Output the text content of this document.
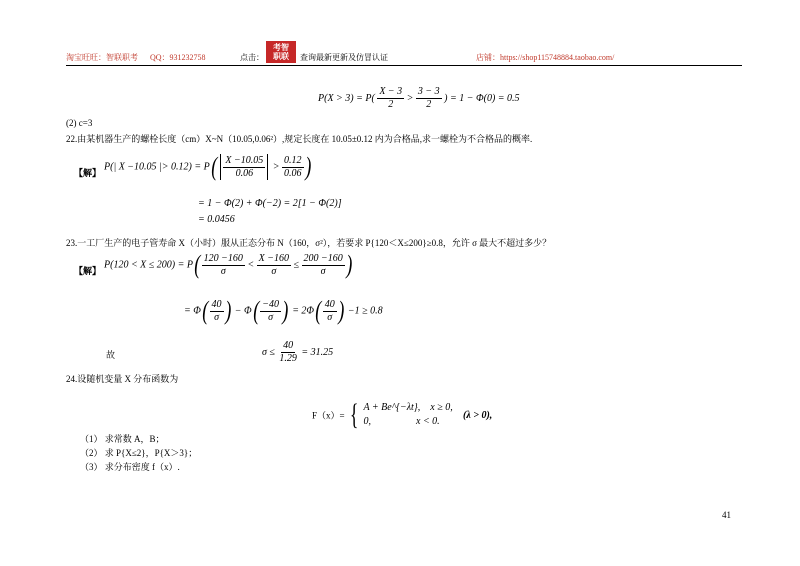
淘宝旺旺：智联职考 QQ：931232758	点击：
考智
职联 查询最新更新及仿冒认证	店铺：https://shop115748884.taobao.com/
$P(X > 3) = P( \frac{X - 3}{2} > \frac{3 - 3}{2}$ ) = 1 − Φ(0) = 0.5
(2) c=3
22.由某机器生产的螺栓长度（cm）X~N（10.05,0.06²）,规定长度在 10.05±0.12 内为合格品,求一螺栓为不合格品的概率.
【解】
P(| X −10.05 |> $0.12) = P( \frac{X -10.05}{0.06} > \frac{0.12}{0.06}$ )
= 1 − Φ(2) + Φ(−2) = 2[1 − Φ(2)]
= 0.0456
23.一工厂生产的电子管寿命 X（小时）服从正态分布 N（160，σ²），若要求 P{120＜X≤200}≥0.8，允许 σ 最大不超过多少？
【解】
$P(120 < X \le 200) = P( \frac{120 -160}{\sigma} < \frac{X -160}{\sigma} \le \frac{200 -160}{\sigma}$ )
= $\Phi( \frac{40}{\sigma}$ ) − $\Phi( \frac{-40}{\sigma}$ ) = $2\Phi( \frac{40}{\sigma}$ ) −1 ≥ 0.8
故	$\sigma \le \frac{40}{1.29} = 31.25$
24.设随机变量 X 分布函数为
F（x）= { A + Be^{−λt}, x ≥ 0,
0,	x < 0.
(λ > 0),
（1） 求常数 A，B；
（2） 求 P{X≤2}，P{X＞3}；
（3） 求分布密度 f（x）.
41
